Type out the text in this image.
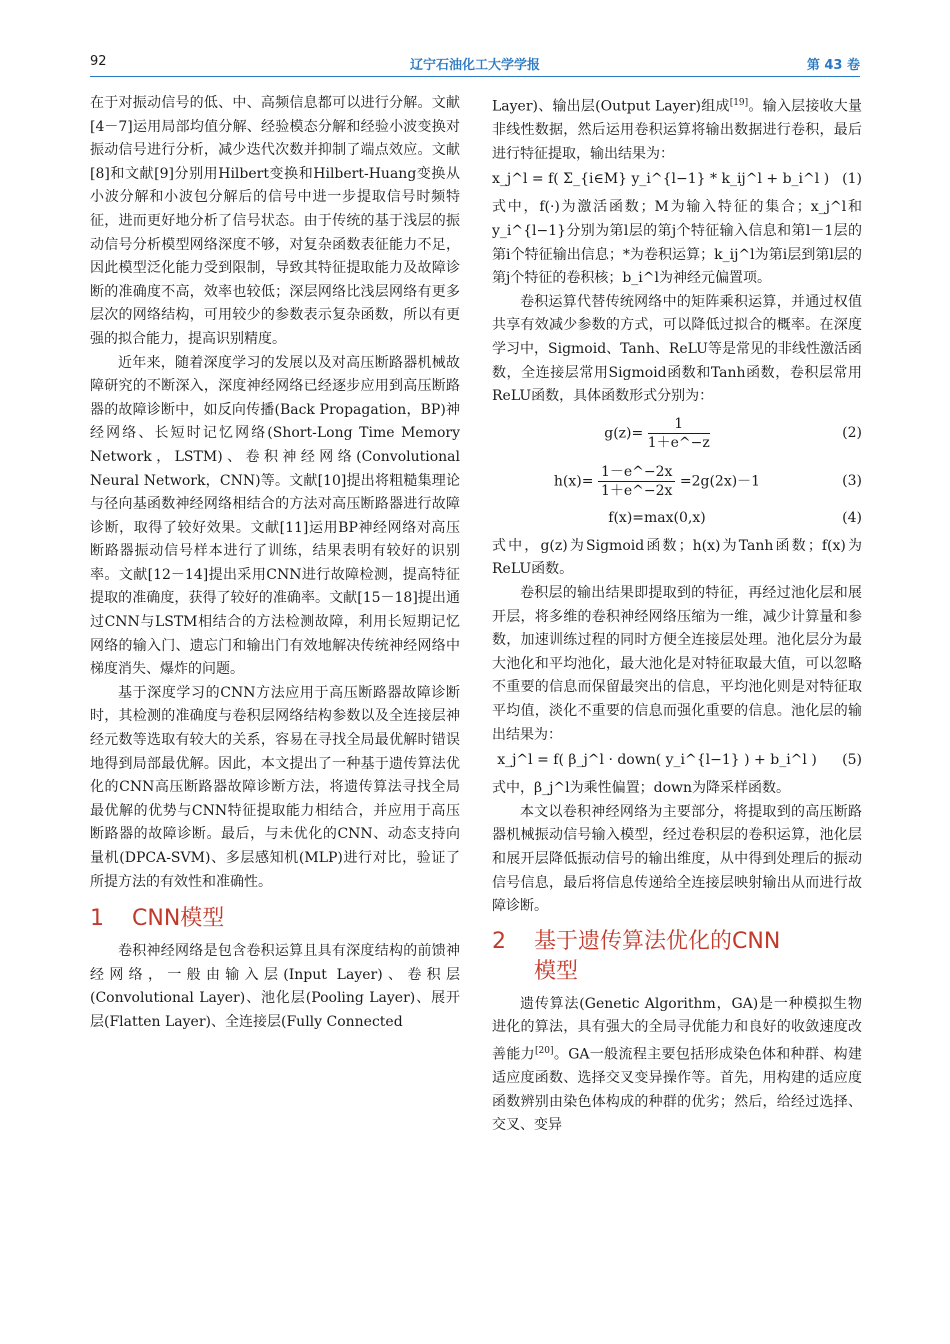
92	辽宁石油化工大学学报	第 43 卷

在于对振动信号的低、中、高频信息都可以进行分解。文献[4－7]运用局部均值分解、经验模态分解和经验小波变换对振动信号进行分析，减少迭代次数并抑制了端点效应。文献[8]和文献[9]分别用Hilbert变换和Hilbert-Huang变换从小波分解和小波包分解后的信号中进一步提取信号时频特征，进而更好地分析了信号状态。由于传统的基于浅层的振动信号分析模型网络深度不够，对复杂函数表征能力不足，因此模型泛化能力受到限制，导致其特征提取能力及故障诊断的准确度不高，效率也较低；深层网络比浅层网络有更多层次的网络结构，可用较少的参数表示复杂函数，所以有更强的拟合能力，提高识别精度。

近年来，随着深度学习的发展以及对高压断路器机械故障研究的不断深入，深度神经网络已经逐步应用到高压断路器的故障诊断中，如反向传播(Back Propagation，BP)神经网络、长短时记忆网络(Short-Long Time Memory Network，LSTM)、卷积神经网络(Convolutional Neural Network，CNN)等。文献[10]提出将粗糙集理论与径向基函数神经网络相结合的方法对高压断路器进行故障诊断，取得了较好效果。文献[11]运用BP神经网络对高压断路器振动信号样本进行了训练，结果表明有较好的识别率。文献[12－14]提出采用CNN进行故障检测，提高特征提取的准确度，获得了较好的准确率。文献[15－18]提出通过CNN与LSTM相结合的方法检测故障，利用长短期记忆网络的输入门、遗忘门和输出门有效地解决传统神经网络中梯度消失、爆炸的问题。

基于深度学习的CNN方法应用于高压断路器故障诊断时，其检测的准确度与卷积层网络结构参数以及全连接层神经元数等选取有较大的关系，容易在寻找全局最优解时错误地得到局部最优解。因此，本文提出了一种基于遗传算法优化的CNN高压断路器故障诊断方法，将遗传算法寻找全局最优解的优势与CNN特征提取能力相结合，并应用于高压断路器的故障诊断。最后，与未优化的CNN、动态支持向量机(DPCA-SVM)、多层感知机(MLP)进行对比，验证了所提方法的有效性和准确性。

1 CNN模型

卷积神经网络是包含卷积运算且具有深度结构的前馈神经网络，一般由输入层(Input Layer)、卷积层(Convolutional Layer)、池化层(Pooling Layer)、展开层(Flatten Layer)、全连接层(Fully Connected

Layer)、输出层(Output Layer)组成[19]。输入层接收大量非线性数据，然后运用卷积运算将输出数据进行卷积，最后进行特征提取，输出结果为：

x_j^l = f( Σ_{i∈M} y_i^{l−1} * k_ij^l + b_i^l ) (1)

式中，f(·)为激活函数；M为输入特征的集合；x_j^l和y_i^{l−1}分别为第l层的第j个特征输入信息和第l－1层的第i个特征输出信息；*为卷积运算；k_ij^l为第i层到第l层的第j个特征的卷积核；b_i^l为神经元偏置项。

卷积运算代替传统网络中的矩阵乘积运算，并通过权值共享有效减少参数的方式，可以降低过拟合的概率。在深度学习中，Sigmoid、Tanh、ReLU等是常见的非线性激活函数，全连接层常用Sigmoid函数和Tanh函数，卷积层常用ReLU函数，具体函数形式分别为：

$g(z)= \frac{1}{1+e\^{}-z}$	(2)
$h(x)= \frac{1-e\^{}-2x}{1+e\^{}-2x} =2g(2x)-1$	(3)
f(x)=max(0,x)	(4)

式中，g(z)为Sigmoid函数；h(x)为Tanh函数；f(x)为ReLU函数。

卷积层的输出结果即提取到的特征，再经过池化层和展开层，将多维的卷积神经网络压缩为一维，减少计算量和参数，加速训练过程的同时方便全连接层处理。池化层分为最大池化和平均池化，最大池化是对特征取最大值，可以忽略不重要的信息而保留最突出的信息，平均池化则是对特征取平均值，淡化不重要的信息而强化重要的信息。池化层的输出结果为：

x_j^l = f( β_j^l · down( y_i^{l−1} ) + b_i^l )	(5)

式中，β_j^l为乘性偏置；down为降采样函数。

本文以卷积神经网络为主要部分，将提取到的高压断路器机械振动信号输入模型，经过卷积层的卷积运算，池化层和展开层降低振动信号的输出维度，从中得到处理后的振动信号信息，最后将信息传递给全连接层映射输出从而进行故障诊断。

2 基于遗传算法优化的CNN
模型

遗传算法(Genetic Algorithm，GA)是一种模拟生物进化的算法，具有强大的全局寻优能力和良好的收敛速度改善能力[20]。GA一般流程主要包括形成染色体和种群、构建适应度函数、选择交叉变异操作等。首先，用构建的适应度函数辨别由染色体构成的种群的优劣；然后，给经过选择、交叉、变异
